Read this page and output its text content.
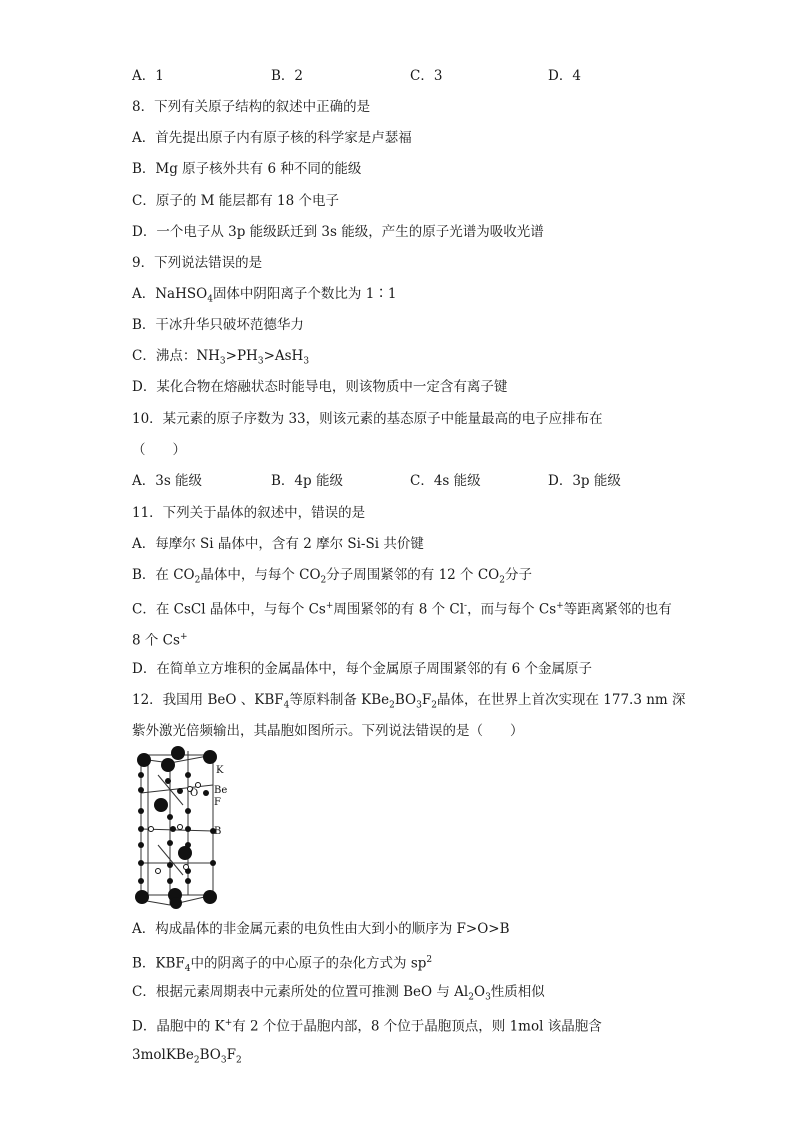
A．1	B．2	C．3	D．4
8．下列有关原子结构的叙述中正确的是
A．首先提出原子内有原子核的科学家是卢瑟福
B．Mg 原子核外共有 6 种不同的能级
C．原子的 M 能层都有 18 个电子
D．一个电子从 3p 能级跃迁到 3s 能级，产生的原子光谱为吸收光谱
9．下列说法错误的是
A．NaHSO$_4$固体中阴阳离子个数比为 1∶1
B．干冰升华只破坏范德华力
C．沸点：$NH_3>PH_3>AsH_3$
D．某化合物在熔融状态时能导电，则该物质中一定含有离子键
10．某元素的原子序数为 33，则该元素的基态原子中能量最高的电子应排布在
（　　）
A．3s 能级	B．4p 能级	C．4s 能级	D．3p 能级
11．下列关于晶体的叙述中，错误的是
A．每摩尔 Si 晶体中，含有 2 摩尔 Si-Si 共价键
B．在 $CO_2$晶体中，与每个 $CO_2$分子周围紧邻的有 12 个 $CO_2$分子
C．在 CsCl 晶体中，与每个 Cs+周围紧邻的有 8 个 Cl-，而与每个 Cs+等距离紧邻的也有
8 个 Cs+
D．在简单立方堆积的金属晶体中，每个金属原子周围紧邻的有 6 个金属原子
12．我国用 BeO 、$KBF_4$等原料制备 $KBe_2BO_3F_2$晶体，在世界上首次实现在 177.3 nm 深
紫外激光倍频输出，其晶胞如图所示。下列说法错误的是（　　）
K
O Be
F
B
A．构成晶体的非金属元素的电负性由大到小的顺序为 F>O>B
B．$KBF_4$中的阴离子的中心原子的杂化方式为 $sp^2$
C．根据元素周期表中元素所处的位置可推测 BeO 与 $Al_2O_3$性质相似
D．晶胞中的 K+有 2 个位于晶胞内部，8 个位于晶胞顶点，则 1mol 该晶胞含
$3molKBe_2BO_3F_2$
